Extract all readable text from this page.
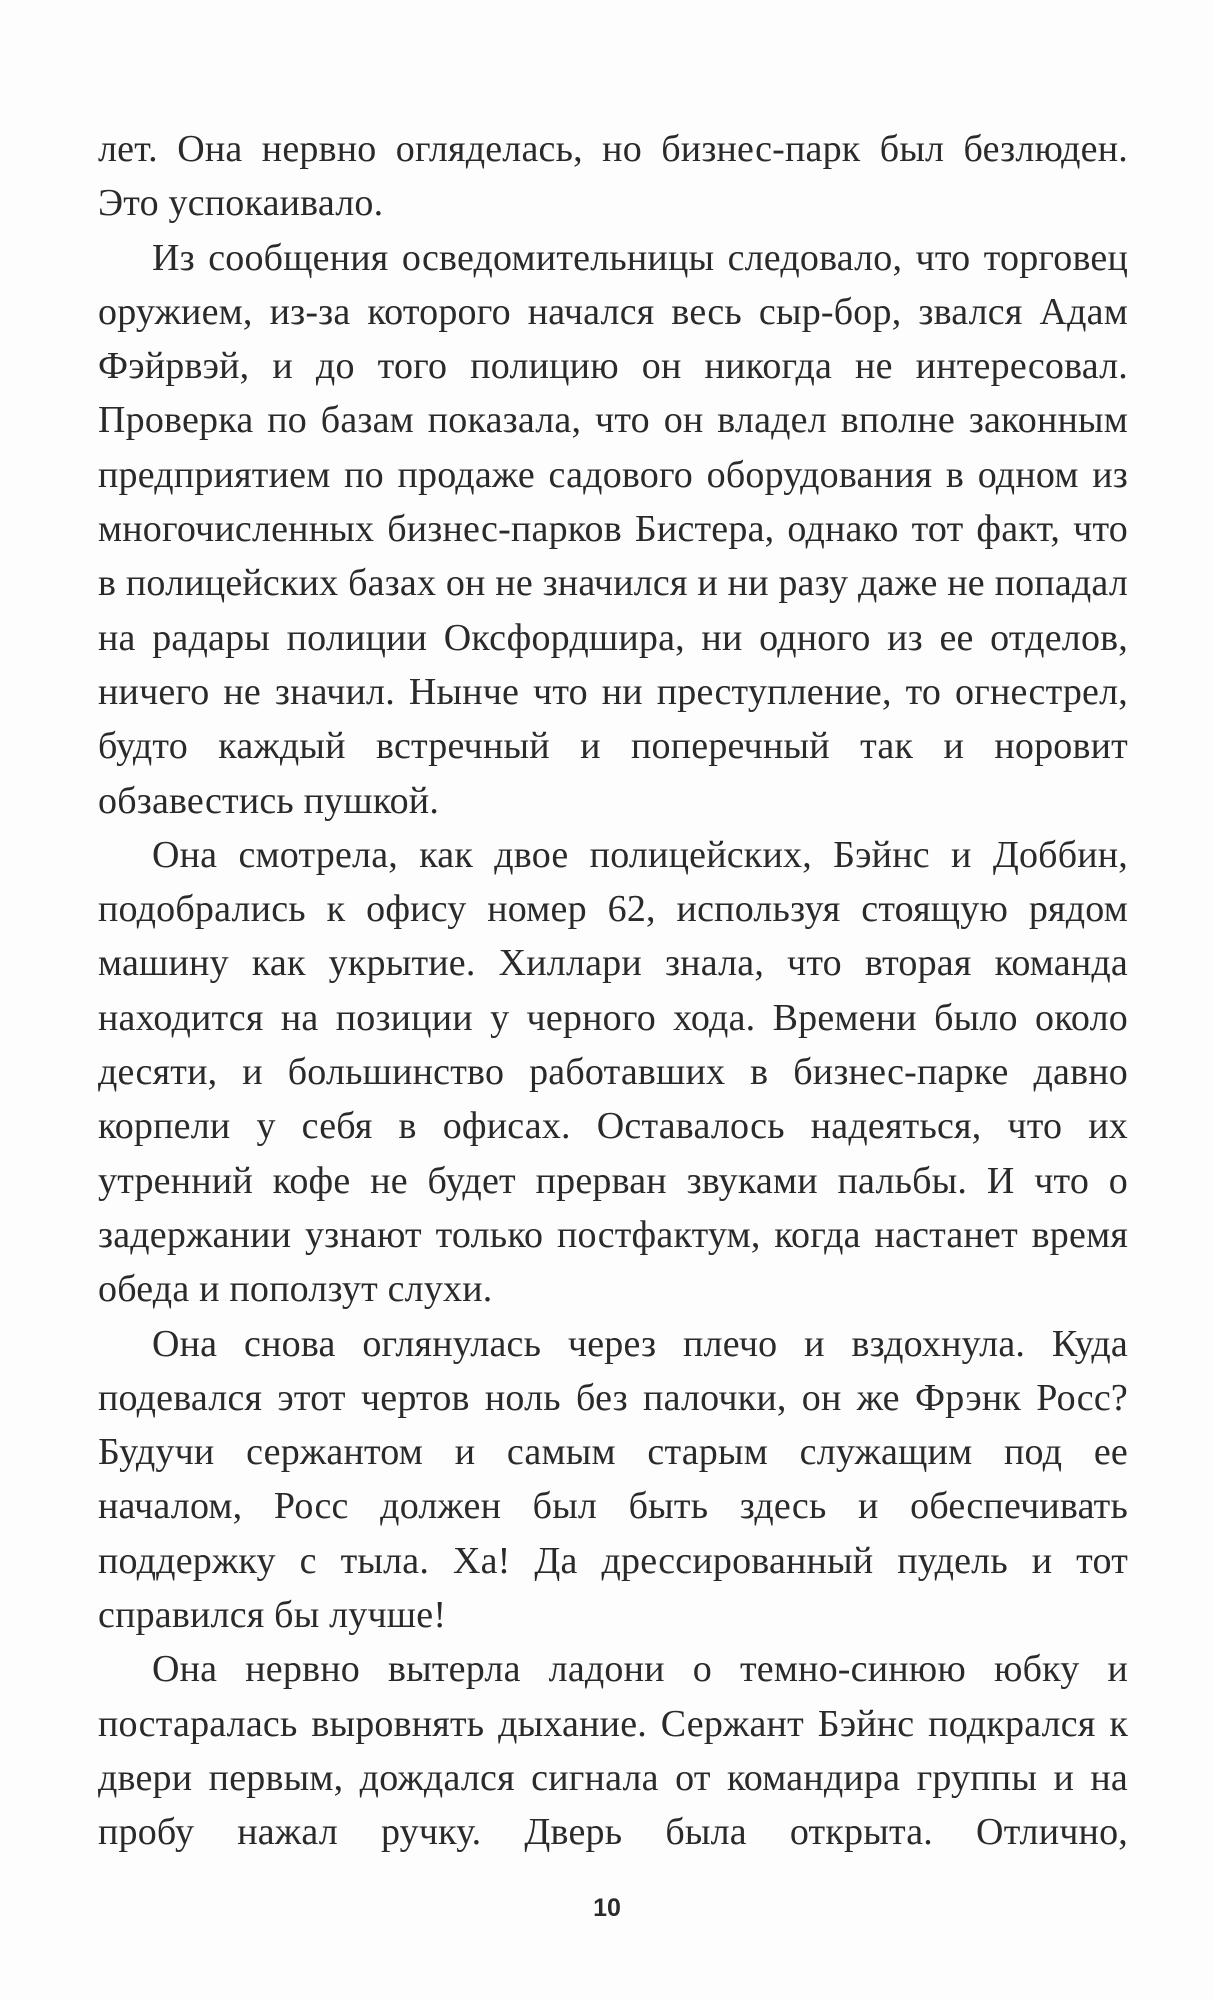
лет. Она нервно огляделась, но бизнес-парк был безлюден. Это успокаивало.

Из сообщения осведомительницы следовало, что торговец оружием, из-за которого начался весь сыр-бор, звался Адам Фэйрвэй, и до того полицию он никогда не интересовал. Проверка по базам показала, что он владел вполне законным предприятием по продаже садового оборудования в одном из многочисленных бизнес-парков Бистера, однако тот факт, что в полицейских базах он не значился и ни разу даже не попадал на радары полиции Оксфордшира, ни одного из ее отделов, ничего не значил. Нынче что ни преступление, то огнестрел, будто каждый встречный и поперечный так и норовит обзавестись пушкой.

Она смотрела, как двое полицейских, Бэйнс и Доббин, подобрались к офису номер 62, используя стоящую рядом машину как укрытие. Хиллари знала, что вторая команда находится на позиции у черного хода. Времени было около десяти, и большинство работавших в бизнес-парке давно корпели у себя в офисах. Оставалось надеяться, что их утренний кофе не будет прерван звуками пальбы. И что о задержании узнают только постфактум, когда настанет время обеда и поползут слухи.

Она снова оглянулась через плечо и вздохнула. Куда подевался этот чертов ноль без палочки, он же Фрэнк Росс? Будучи сержантом и самым старым служащим под ее началом, Росс должен был быть здесь и обеспечивать поддержку с тыла. Ха! Да дрессированный пудель и тот справился бы лучше!

Она нервно вытерла ладони о темно-синюю юбку и постаралась выровнять дыхание. Сержант Бэйнс подкрался к двери первым, дождался сигнала от командира группы и на пробу нажал ручку. Дверь была открыта. Отлично,

10
